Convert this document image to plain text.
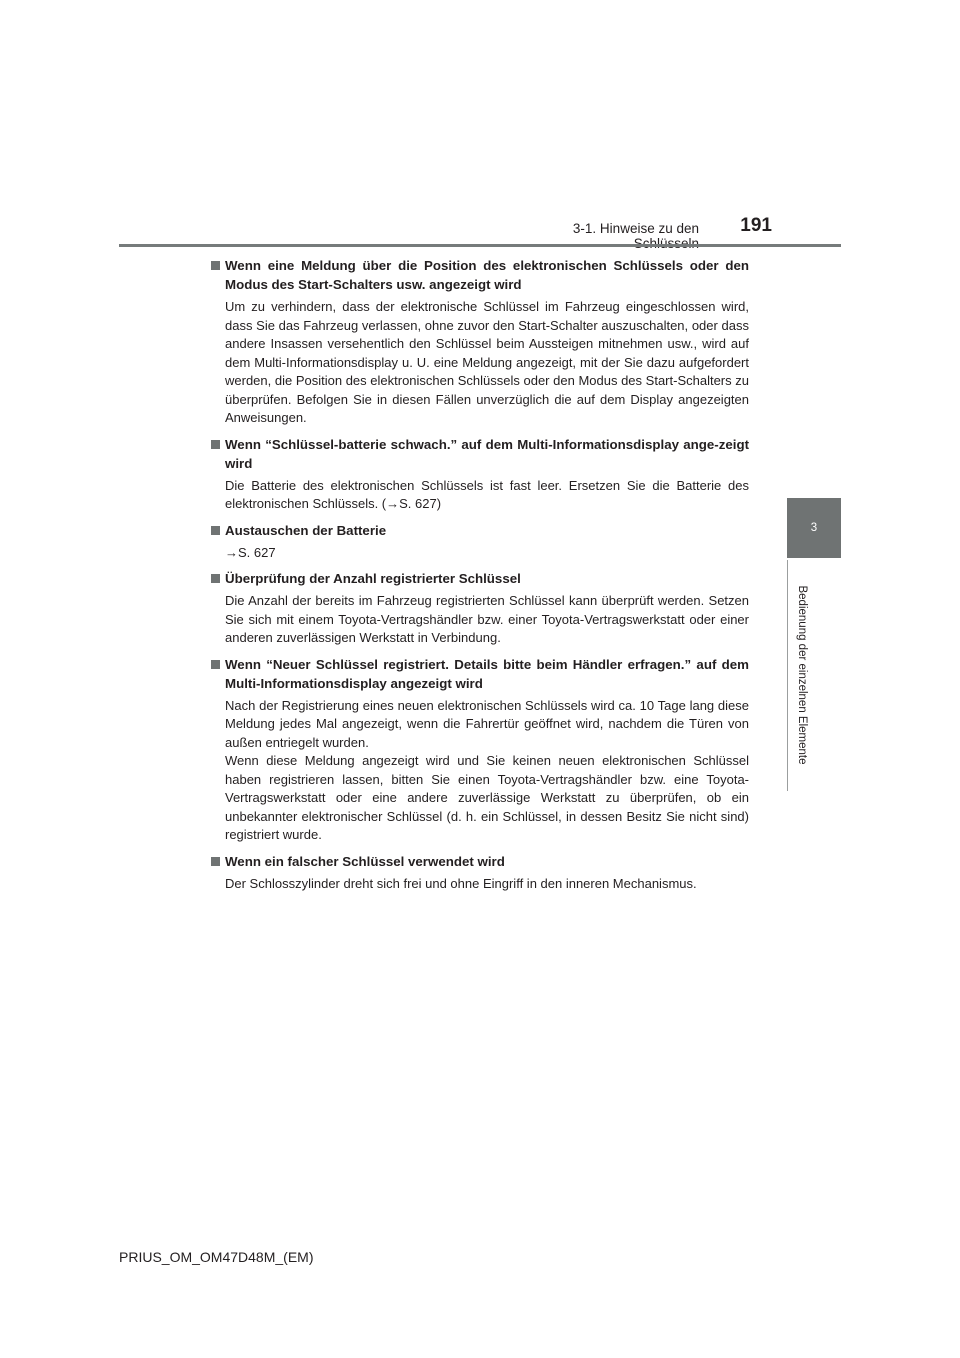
3-1. Hinweise zu den	191
3
Bedienung der einzelnen Elemente
Wenn eine Meldung über die Position des elektronischen Schlüssels oder den Modus des Start-Schalters usw. angezeigt wird

Um zu verhindern, dass der elektronische Schlüssel im Fahrzeug eingeschlossen wird, dass Sie das Fahrzeug verlassen, ohne zuvor den Start-Schalter auszuschalten, oder dass andere Insassen versehentlich den Schlüssel beim Aussteigen mitnehmen usw., wird auf dem Multi-Informationsdisplay u. U. eine Meldung angezeigt, mit der Sie dazu aufgefordert werden, die Position des elektronischen Schlüssels oder den Modus des Start-Schalters zu überprüfen. Befolgen Sie in diesen Fällen unverzüglich die auf dem Display angezeigten Anweisungen.

Wenn “Schlüssel-batterie schwach.” auf dem Multi-Informationsdisplay ange-zeigt wird

Die Batterie des elektronischen Schlüssels ist fast leer. Ersetzen Sie die Batterie des elektronischen Schlüssels. (→S. 627)

Austauschen der Batterie

→S. 627

Überprüfung der Anzahl registrierter Schlüssel

Die Anzahl der bereits im Fahrzeug registrierten Schlüssel kann überprüft werden. Setzen Sie sich mit einem Toyota-Vertragshändler bzw. einer Toyota-Vertragswerkstatt oder einer anderen zuverlässigen Werkstatt in Verbindung.

Wenn “Neuer Schlüssel registriert. Details bitte beim Händler erfragen.” auf dem Multi-Informationsdisplay angezeigt wird

Nach der Registrierung eines neuen elektronischen Schlüssels wird ca. 10 Tage lang diese Meldung jedes Mal angezeigt, wenn die Fahrertür geöffnet wird, nachdem die Türen von außen entriegelt wurden.

Wenn diese Meldung angezeigt wird und Sie keinen neuen elektronischen Schlüssel haben registrieren lassen, bitten Sie einen Toyota-Vertragshändler bzw. eine Toyota-Vertragswerkstatt oder eine andere zuverlässige Werkstatt zu überprüfen, ob ein unbekannter elektronischer Schlüssel (d. h. ein Schlüssel, in dessen Besitz Sie nicht sind) registriert wurde.

Wenn ein falscher Schlüssel verwendet wird

Der Schlosszylinder dreht sich frei und ohne Eingriff in den inneren Mechanismus.

PRIUS_OM_OM47D48M_(EM)
